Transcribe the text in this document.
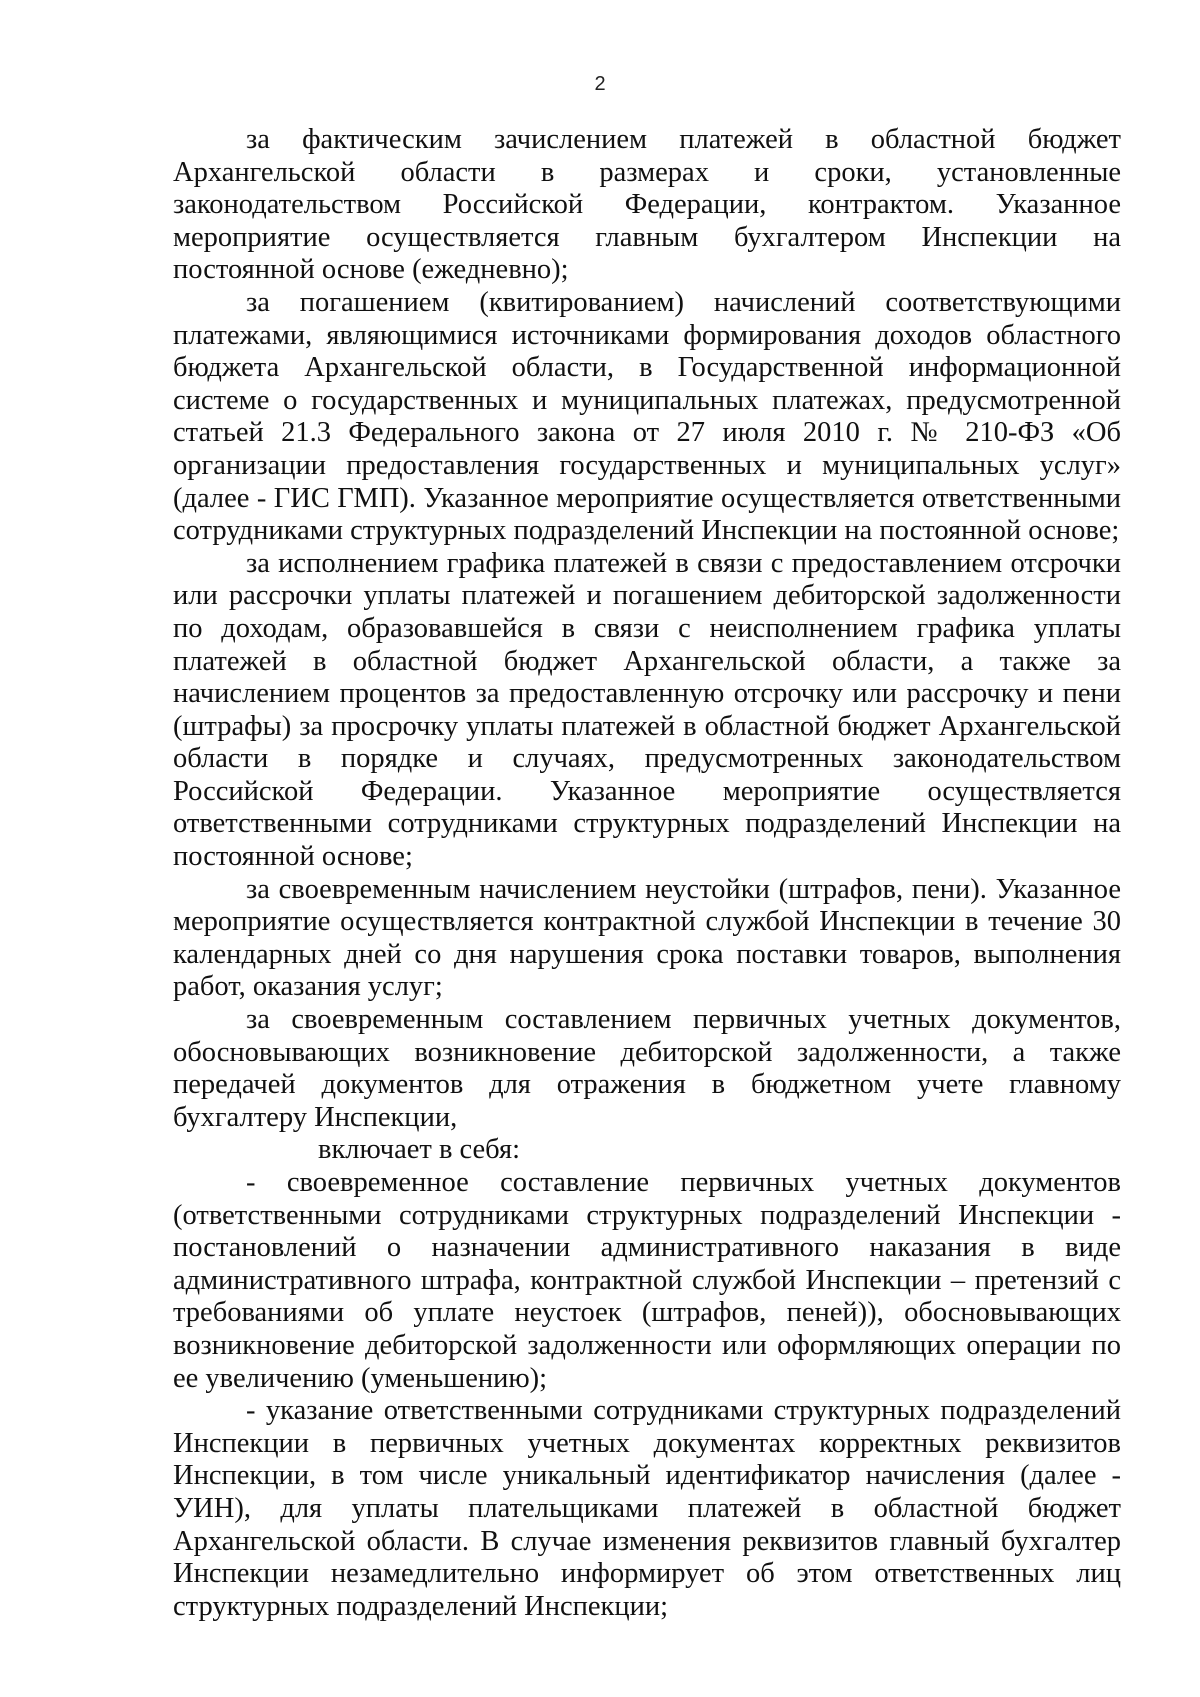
2

за фактическим зачислением платежей в областной бюджет Архангельской области в размерах и сроки, установленные законодательством Российской Федерации, контрактом. Указанное мероприятие осуществляется главным бухгалтером Инспекции на постоянной основе (ежедневно);

за погашением (квитированием) начислений соответствующими платежами, являющимися источниками формирования доходов областного бюджета Архангельской области, в Государственной информационной системе о государственных и муниципальных платежах, предусмотренной статьей 21.3 Федерального закона от 27 июля 2010 г. № 210-ФЗ «Об организации предоставления государственных и муниципальных услуг» (далее - ГИС ГМП). Указанное мероприятие осуществляется ответственными сотрудниками структурных подразделений Инспекции на постоянной основе;

за исполнением графика платежей в связи с предоставлением отсрочки или рассрочки уплаты платежей и погашением дебиторской задолженности по доходам, образовавшейся в связи с неисполнением графика уплаты платежей в областной бюджет Архангельской области, а также за начислением процентов за предоставленную отсрочку или рассрочку и пени (штрафы) за просрочку уплаты платежей в областной бюджет Архангельской области в порядке и случаях, предусмотренных законодательством Российской Федерации. Указанное мероприятие осуществляется ответственными сотрудниками структурных подразделений Инспекции на постоянной основе;

за своевременным начислением неустойки (штрафов, пени). Указанное мероприятие осуществляется контрактной службой Инспекции в течение 30 календарных дней со дня нарушения срока поставки товаров, выполнения работ, оказания услуг;

за своевременным составлением первичных учетных документов, обосновывающих возникновение дебиторской задолженности, а также передачей документов для отражения в бюджетном учете главному бухгалтеру Инспекции,

включает в себя:

- своевременное составление первичных учетных документов (ответственными сотрудниками структурных подразделений Инспекции - постановлений о назначении административного наказания в виде административного штрафа, контрактной службой Инспекции – претензий с требованиями об уплате неустоек (штрафов, пеней)), обосновывающих возникновение дебиторской задолженности или оформляющих операции по ее увеличению (уменьшению);

- указание ответственными сотрудниками структурных подразделений Инспекции в первичных учетных документах корректных реквизитов Инспекции, в том числе уникальный идентификатор начисления (далее - УИН), для уплаты плательщиками платежей в областной бюджет Архангельской области. В случае изменения реквизитов главный бухгалтер Инспекции незамедлительно информирует об этом ответственных лиц структурных подразделений Инспекции;
